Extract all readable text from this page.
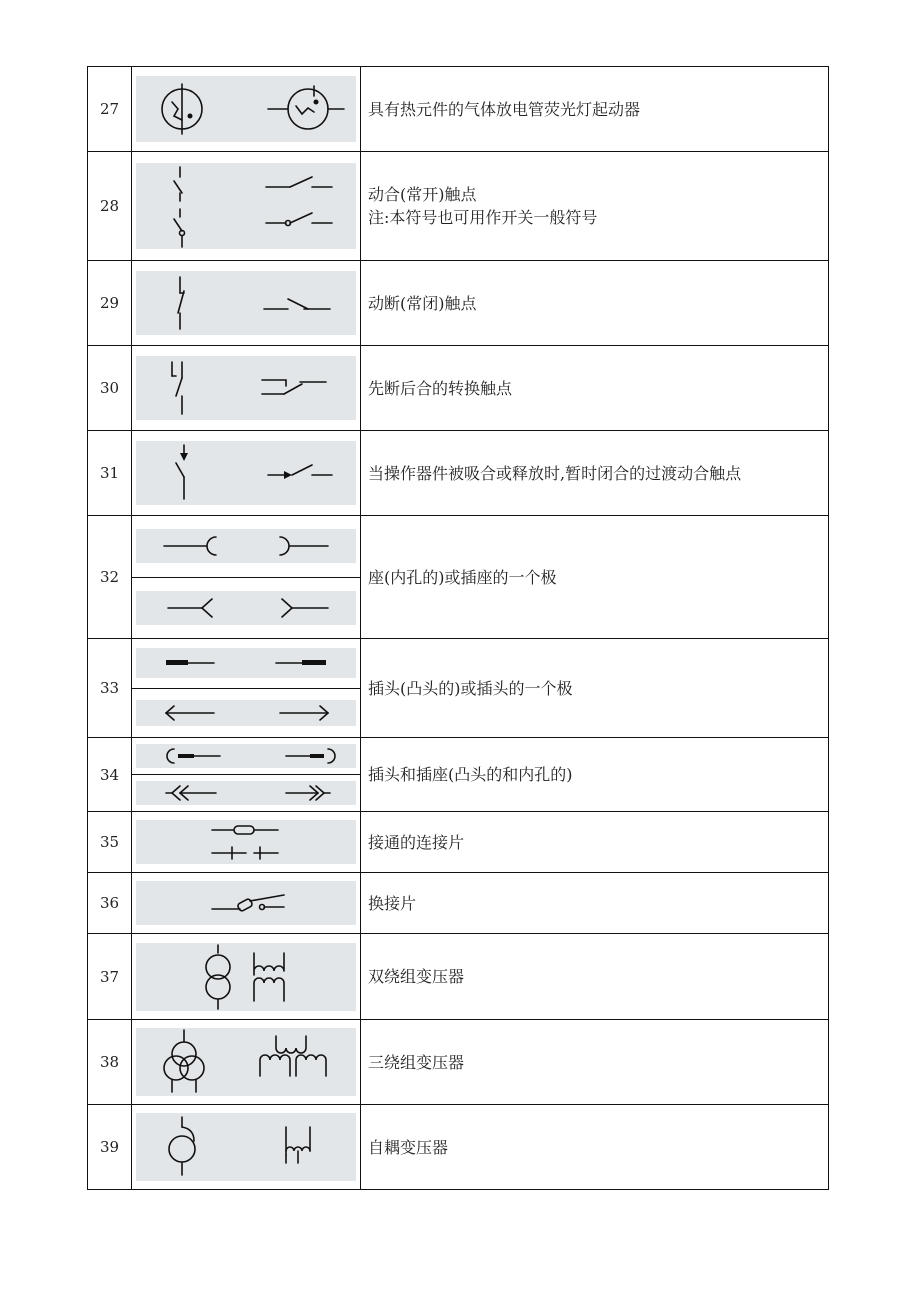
27		具有热元件的气体放电管荧光灯起动器
28		动合(常开)触点
注:本符号也可用作开关一般符号

29		动断(常闭)触点
30		先断后合的转换触点
31		当操作器件被吸合或释放时,暂时闭合的过渡动合触点
32		座(内孔的)或插座的一个极
33		插头(凸头的)或插头的一个极
34		插头和插座(凸头的和内孔的)
35		接通的连接片
36		换接片
37		双绕组变压器
38		三绕组变压器
39		自耦变压器
